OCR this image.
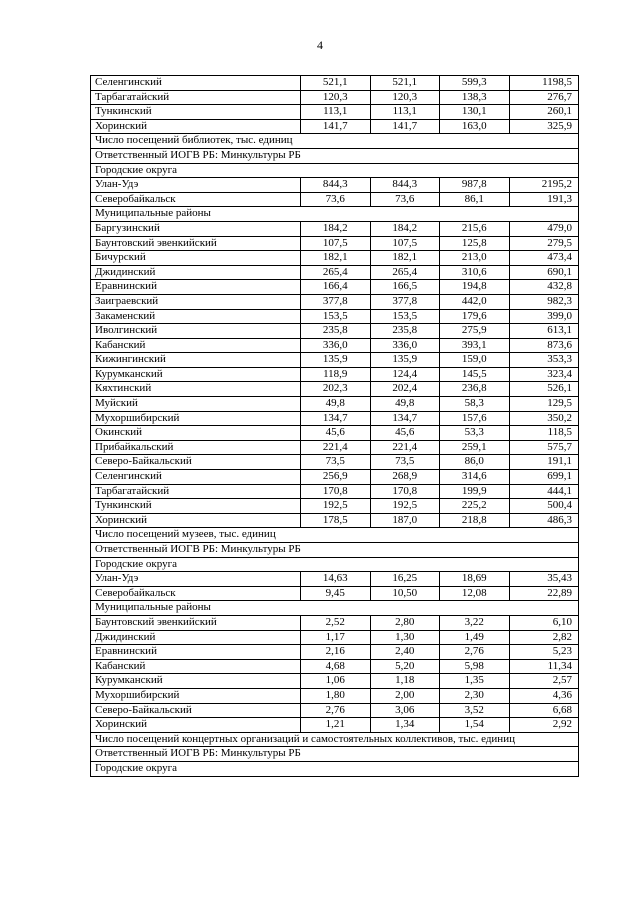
4
Селенгинский	521,1	521,1	599,3	1198,5
Тарбагатайский	120,3	120,3	138,3	276,7
Тункинский	113,1	113,1	130,1	260,1
Хоринский	141,7	141,7	163,0	325,9
Число посещений библиотек, тыс. единиц				
Ответственный ИОГВ РБ: Минкультуры РБ				
Городские округа				
Улан-Удэ	844,3	844,3	987,8	2195,2
Северобайкальск	73,6	73,6	86,1	191,3
Муниципальные районы				
Баргузинский	184,2	184,2	215,6	479,0
Баунтовский эвенкийский	107,5	107,5	125,8	279,5
Бичурский	182,1	182,1	213,0	473,4
Джидинский	265,4	265,4	310,6	690,1
Еравнинский	166,4	166,5	194,8	432,8
Заиграевский	377,8	377,8	442,0	982,3
Закаменский	153,5	153,5	179,6	399,0
Иволгинский	235,8	235,8	275,9	613,1
Кабанский	336,0	336,0	393,1	873,6
Кижингинский	135,9	135,9	159,0	353,3
Курумканский	118,9	124,4	145,5	323,4
Кяхтинский	202,3	202,4	236,8	526,1
Муйский	49,8	49,8	58,3	129,5
Мухоршибирский	134,7	134,7	157,6	350,2
Окинский	45,6	45,6	53,3	118,5
Прибайкальский	221,4	221,4	259,1	575,7
Северо-Байкальский	73,5	73,5	86,0	191,1
Селенгинский	256,9	268,9	314,6	699,1
Тарбагатайский	170,8	170,8	199,9	444,1
Тункинский	192,5	192,5	225,2	500,4
Хоринский	178,5	187,0	218,8	486,3
Число посещений музеев, тыс. единиц				
Ответственный ИОГВ РБ: Минкультуры РБ				
Городские округа				
Улан-Удэ	14,63	16,25	18,69	35,43
Северобайкальск	9,45	10,50	12,08	22,89
Муниципальные районы				
Баунтовский эвенкийский	2,52	2,80	3,22	6,10
Джидинский	1,17	1,30	1,49	2,82
Еравнинский	2,16	2,40	2,76	5,23
Кабанский	4,68	5,20	5,98	11,34
Курумканский	1,06	1,18	1,35	2,57
Мухоршибирский	1,80	2,00	2,30	4,36
Северо-Байкальский	2,76	3,06	3,52	6,68
Хоринский	1,21	1,34	1,54	2,92
Число посещений концертных организаций и самостоятельных коллективов, тыс. единиц				
Ответственный ИОГВ РБ: Минкультуры РБ				
Городские округа				
